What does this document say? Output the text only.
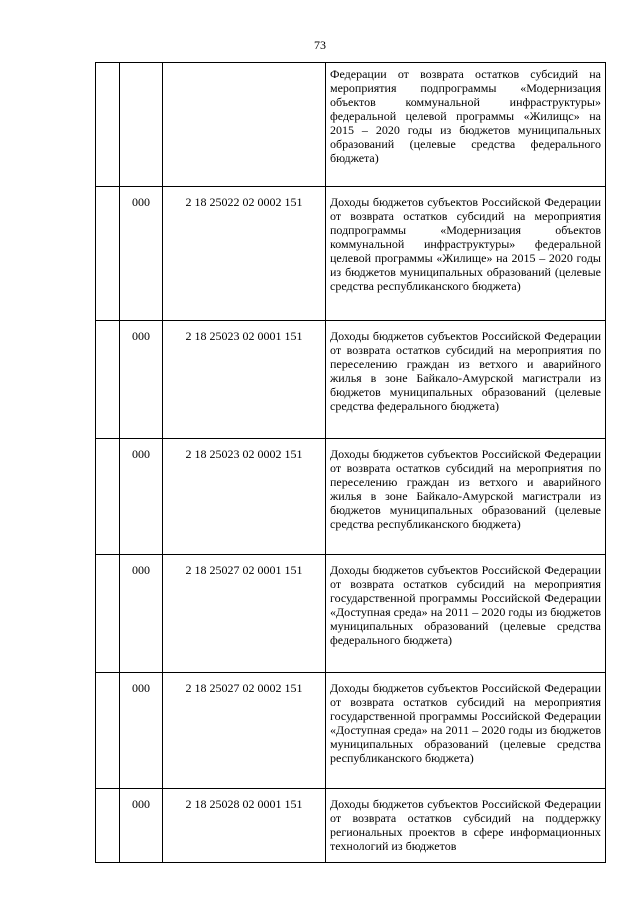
73
			Федерации от возврата остатков субсидий на мероприятия подпрограммы «Модернизация объектов коммунальной инфраструктуры» федеральной целевой программы «Жилищс» на 2015 – 2020 годы из бюджетов муниципальных образований (целевые средства федерального бюджета)
	000	2 18 25022 02 0002 151	Доходы бюджетов субъектов Российской Федерации от возврата остатков субсидий на мероприятия подпрограммы «Модернизация объектов коммунальной инфраструктуры» федеральной целевой программы «Жилище» на 2015 – 2020 годы из бюджетов муниципальных образований (целевые средства республиканского бюджета)
	000	2 18 25023 02 0001 151	Доходы бюджетов субъектов Российской Федерации от возврата остатков субсидий на мероприятия по переселению граждан из ветхого и аварийного жилья в зоне Байкало-Амурской магистрали из бюджетов муниципальных образований (целевые средства федерального бюджета)
	000	2 18 25023 02 0002 151	Доходы бюджетов субъектов Российской Федерации от возврата остатков субсидий на мероприятия по переселению граждан из ветхого и аварийного жилья в зоне Байкало-Амурской магистрали из бюджетов муниципальных образований (целевые средства республиканского бюджета)
	000	2 18 25027 02 0001 151	Доходы бюджетов субъектов Российской Федерации от возврата остатков субсидий на мероприятия государственной программы Российской Федерации «Доступная среда» на 2011 – 2020 годы из бюджетов муниципальных образований (целевые средства федерального бюджета)
	000	2 18 25027 02 0002 151	Доходы бюджетов субъектов Российской Федерации от возврата остатков субсидий на мероприятия государственной программы Российской Федерации «Доступная среда» на 2011 – 2020 годы из бюджетов муниципальных образований (целевые средства республиканского бюджета)
	000	2 18 25028 02 0001 151	Доходы бюджетов субъектов Российской Федерации от возврата остатков субсидий на поддержку региональных проектов в сфере информационных технологий из бюджетов
